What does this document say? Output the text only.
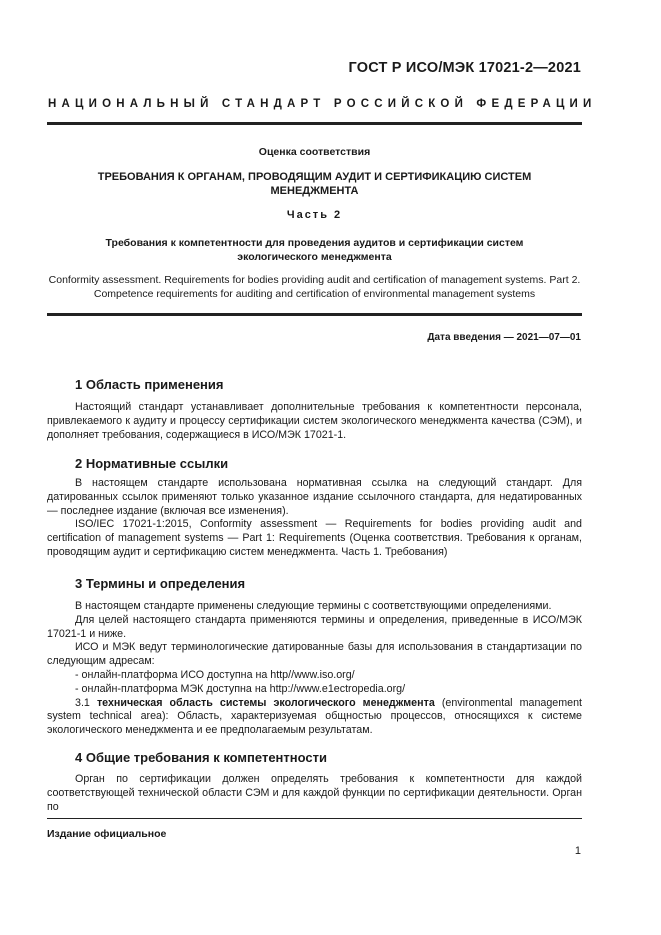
ГОСТ Р ИСО/МЭК 17021-2—2021
НАЦИОНАЛЬНЫЙ СТАНДАРТ РОССИЙСКОЙ ФЕДЕРАЦИИ
Оценка соответствия
ТРЕБОВАНИЯ К ОРГАНАМ, ПРОВОДЯЩИМ АУДИТ И СЕРТИФИКАЦИЮ СИСТЕМ МЕНЕДЖМЕНТА
Часть 2
Требования к компетентности для проведения аудитов и сертификации систем экологического менеджмента
Conformity assessment. Requirements for bodies providing audit and certification of management systems. Part 2. Competence requirements for auditing and certification of environmental management systems
Дата введения — 2021—07—01
1 Область применения

Настоящий стандарт устанавливает дополнительные требования к компетентности персонала, привлекаемого к аудиту и процессу сертификации систем экологического менеджмента качества (СЭМ), и дополняет требования, содержащиеся в ИСО/МЭК 17021-1.

2 Нормативные ссылки

В настоящем стандарте использована нормативная ссылка на следующий стандарт. Для датированных ссылок применяют только указанное издание ссылочного стандарта, для недатированных — последнее издание (включая все изменения).

ISO/IEC 17021-1:2015, Conformity assessment — Requirements for bodies providing audit and certification of management systems — Part 1: Requirements (Оценка соответствия. Требования к органам, проводящим аудит и сертификацию систем менеджмента. Часть 1. Требования)

3 Термины и определения

В настоящем стандарте применены следующие термины с соответствующими определениями.

Для целей настоящего стандарта применяются термины и определения, приведенные в ИСО/МЭК 17021-1 и ниже.

ИСО и МЭК ведут терминологические датированные базы для использования в стандартизации по следующим адресам:

- онлайн-платформа ИСО доступна на http//www.iso.org/

- онлайн-платформа МЭК доступна на http://www.e1ectropedia.org/

3.1 техническая область системы экологического менеджмента (environmental management system technical area): Область, характеризуемая общностью процессов, относящихся к системе экологического менеджмента и ее предполагаемым результатам.

4 Общие требования к компетентности

Орган по сертификации должен определять требования к компетентности для каждой соответствующей технической области СЭМ и для каждой функции по сертификации деятельности. Орган по

Издание официальное
1
